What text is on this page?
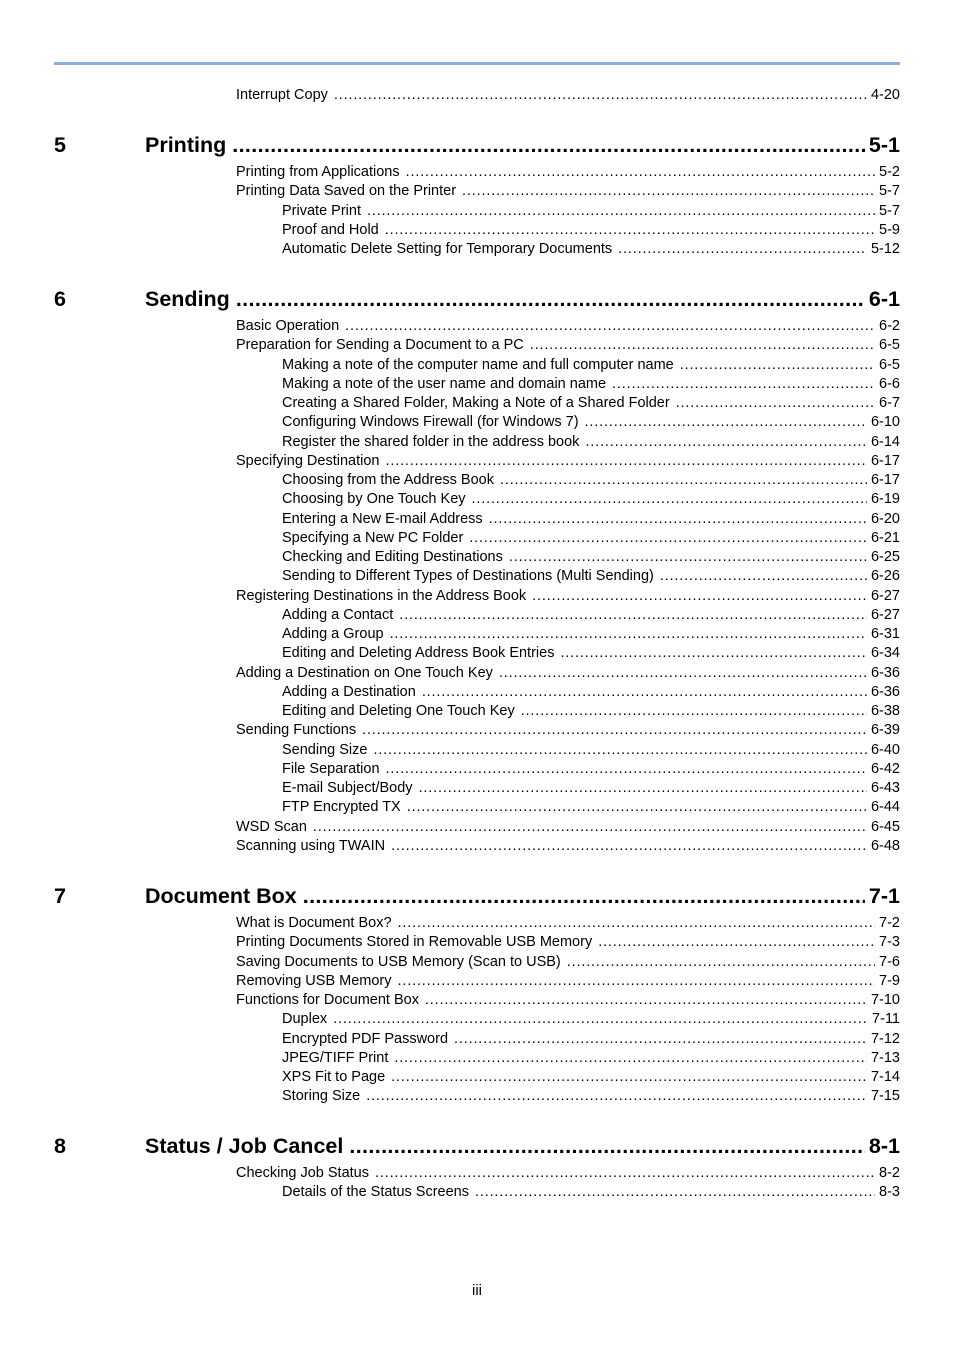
Interrupt Copy . . .	4-20
5	Printing . . .	5-1
Printing from Applications . . .	5-2
Printing Data Saved on the Printer . . .	5-7
Private Print . . .	5-7
Proof and Hold . . .	5-9
Automatic Delete Setting for Temporary Documents . . .	5-12
6	Sending . . .	6-1
Basic Operation . . .	6-2
Preparation for Sending a Document to a PC . . .	6-5
Making a note of the computer name and full computer name . . .	6-5
Making a note of the user name and domain name . . .	6-6
Creating a Shared Folder, Making a Note of a Shared Folder . . .	6-7
Configuring Windows Firewall (for Windows 7) . . .	6-10
Register the shared folder in the address book . . .	6-14
Specifying Destination . . .	6-17
Choosing from the Address Book . . .	6-17
Choosing by One Touch Key . . .	6-19
Entering a New E-mail Address . . .	6-20
Specifying a New PC Folder . . .	6-21
Checking and Editing Destinations . . .	6-25
Sending to Different Types of Destinations (Multi Sending) . . .	6-26
Registering Destinations in the Address Book . . .	6-27
Adding a Contact . . .	6-27
Adding a Group . . .	6-31
Editing and Deleting Address Book Entries . . .	6-34
Adding a Destination on One Touch Key . . .	6-36
Adding a Destination . . .	6-36
Editing and Deleting One Touch Key . . .	6-38
Sending Functions . . .	6-39
Sending Size . . .	6-40
File Separation . . .	6-42
E-mail Subject/Body . . .	6-43
FTP Encrypted TX . . .	6-44
WSD Scan . . .	6-45
Scanning using TWAIN . . .	6-48
7	Document Box . . .	7-1
What is Document Box? . . .	7-2
Printing Documents Stored in Removable USB Memory . . .	7-3
Saving Documents to USB Memory (Scan to USB) . . .	7-6
Removing USB Memory . . .	7-9
Functions for Document Box . . .	7-10
Duplex . . .	7-11
Encrypted PDF Password . . .	7-12
JPEG/TIFF Print . . .	7-13
XPS Fit to Page . . .	7-14
Storing Size . . .	7-15
8	Status / Job Cancel . . .	8-1
Checking Job Status . . .	8-2
Details of the Status Screens . . .	8-3
iii
